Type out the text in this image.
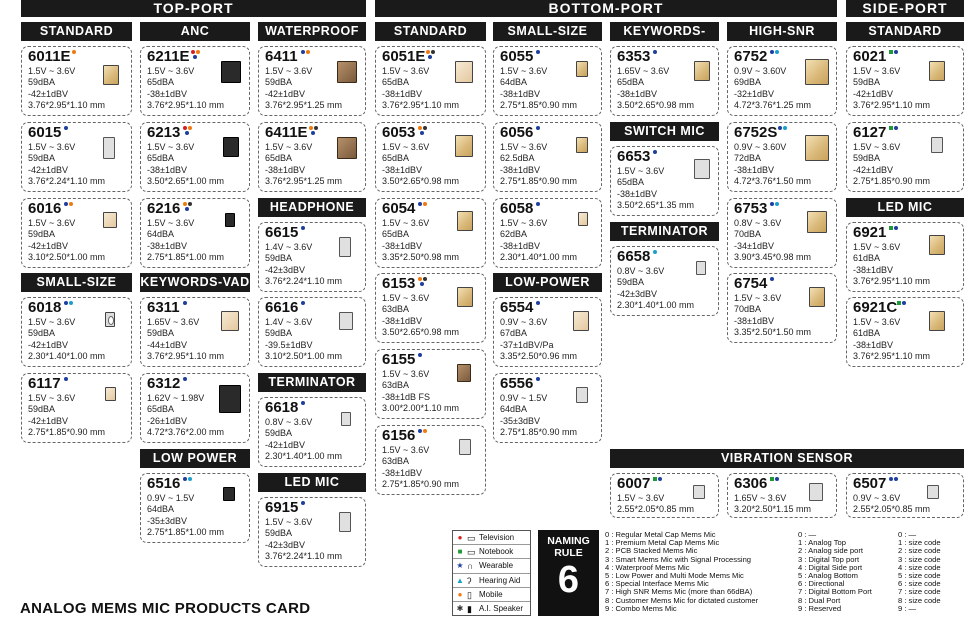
TOP-PORT	BOTTOM-PORT	SIDE-PORT
STANDARD	ANC	WATERPROOF	STANDARD	SMALL-SIZE	KEYWORDS-	HIGH-SNR	STANDARD
HEADPHONE
SMALL-SIZE	KEYWORDS-VAD	LOW-POWER
SWITCH MIC
TERMINATOR
LED MIC
TERMINATOR
LOW POWER	VIBRATION SENSOR
LED MIC
6011E
1.5V ~ 3.6V
59dBA
-42±1dBV
3.76*2.95*1.10 mm
6015
1.5V ~ 3.6V
59dBA
-42±1dBV
3.76*2.24*1.10 mm
6016
1.5V ~ 3.6V
59dBA
-42±1dBV
3.10*2.50*1.00 mm
6018
1.5V ~ 3.6V
59dBA
-42±1dBV
2.30*1.40*1.00 mm
6117
1.5V ~ 3.6V
59dBA
-42±1dBV
2.75*1.85*0.90 mm
6211E
1.5V ~ 3.6V
65dBA
-38±1dBV
3.76*2.95*1.10 mm
6213
1.5V ~ 3.6V
65dBA
-38±1dBV
3.50*2.65*1.00 mm
6216
1.5V ~ 3.6V
64dBA
-38±1dBV
2.75*1.85*1.00 mm
6311
1.65V ~ 3.6V
59dBA
-44±1dBV
3.76*2.95*1.10 mm
6312
1.62V ~ 1.98V
65dBA
-26±1dBV
4.72*3.76*2.00 mm
6516
0.9V ~ 1.5V
64dBA
-35±3dBV
2.75*1.85*1.00 mm
6411
1.5V ~ 3.6V
59dBA
-42±1dBV
3.76*2.95*1.25 mm
6411E
1.5V ~ 3.6V
65dBA
-38±1dBV
3.76*2.95*1.25 mm
6615
1.4V ~ 3.6V
59dBA
-42±3dBV
3.76*2.24*1.10 mm
6616
1.4V ~ 3.6V
59dBA
-39.5±1dBV
3.10*2.50*1.00 mm
6618
0.8V ~ 3.6V
59dBA
-42±1dBV
2.30*1.40*1.00 mm
6915
1.5V ~ 3.6V
59dBA
-42±3dBV
3.76*2.24*1.10 mm
6051E
1.5V ~ 3.6V
65dBA
-38±1dBV
3.76*2.95*1.10 mm
6053
1.5V ~ 3.6V
65dBA
-38±1dBV
3.50*2.65*0.98 mm
6054
1.5V ~ 3.6V
65dBA
-38±1dBV
3.35*2.50*0.98 mm
6153
1.5V ~ 3.6V
63dBA
-38±1dBV
3.50*2.65*0.98 mm
6155
1.5V ~ 3.6V
63dBA
-38±1dB FS
3.00*2.00*1.10 mm
6156
1.5V ~ 3.6V
63dBA
-38±1dBV
2.75*1.85*0.90 mm
6055
1.5V ~ 3.6V
64dBA
-38±1dBV
2.75*1.85*0.90 mm
6056
1.5V ~ 3.6V
62.5dBA
-38±1dBV
2.75*1.85*0.90 mm
6058
1.5V ~ 3.6V
62dBA
-38±1dBV
2.30*1.40*1.00 mm
6554
0.9V ~ 3.6V
67dBA
-37±1dBV/Pa
3.35*2.50*0.96 mm
6556
0.9V ~ 1.5V
64dBA
-35±3dBV
2.75*1.85*0.90 mm
6353
1.65V ~ 3.6V
65dBA
-38±1dBV
3.50*2.65*0.98 mm
6653
1.5V ~ 3.6V
65dBA
-38±1dBV
3.50*2.65*1.35 mm
6658
0.8V ~ 3.6V
59dBA
-42±3dBV
2.30*1.40*1.00 mm
6752
0.9V ~ 3.60V
69dBA
-32±1dBV
4.72*3.76*1.25 mm
6752S
0.9V ~ 3.60V
72dBA
-38±1dBV
4.72*3.76*1.50 mm
6753
0.8V ~ 3.6V
70dBA
-34±1dBV
3.90*3.45*0.98 mm
6754
1.5V ~ 3.6V
70dBA
-38±1dBV
3.35*2.50*1.50 mm
6021
1.5V ~ 3.6V
59dBA
-42±1dBV
3.76*2.95*1.10 mm
6127
1.5V ~ 3.6V
59dBA
-42±1dBV
2.75*1.85*0.90 mm
6921
1.5V ~ 3.6V
61dBA
-38±1dBV
3.76*2.95*1.10 mm
6921C
1.5V ~ 3.6V
61dBA
-38±1dBV
3.76*2.95*1.10 mm
6007
1.5V ~ 3.6V
2.55*2.05*0.85 mm
6306
1.65V ~ 3.6V
3.20*2.50*1.15 mm
6507
0.9V ~ 3.6V
2.55*2.05*0.85 mm
ANALOG MEMS MIC PRODUCTS CARD
● ▭ Television
■ ▭ Notebook
★ ∩ Wearable
▲ ʔ Hearing Aid
● ▯ Mobile
✱ ▮ A.I. Speaker
NAMING
RULE
6
0 : Regular Metal Cap Mems Mic
1 : Premium Metal Cap Mems Mic
2 : PCB Stacked Mems Mic
3 : Smart Mems Mic with Signal Processing
4 : Waterproof Mems Mic
5 : Low Power and Multi Mode Mems Mic
6 : Special Interface Mems Mic
7 : High SNR Mems Mic (more than 66dBA)
8 : Customer Mems Mic for dictated customer
9 : Combo Mems Mic
0 : —
1 : Analog Top
2 : Analog side port
3 : Digital Top port
4 : Digital Side port
5 : Analog Bottom
6 : Directional
7 : Digital Bottom Port
8 : Dual Port
9 : Reserved
0 : —
1 : size code
2 : size code
3 : size code
4 : size code
5 : size code
6 : size code
7 : size code
8 : size code
9 : —
